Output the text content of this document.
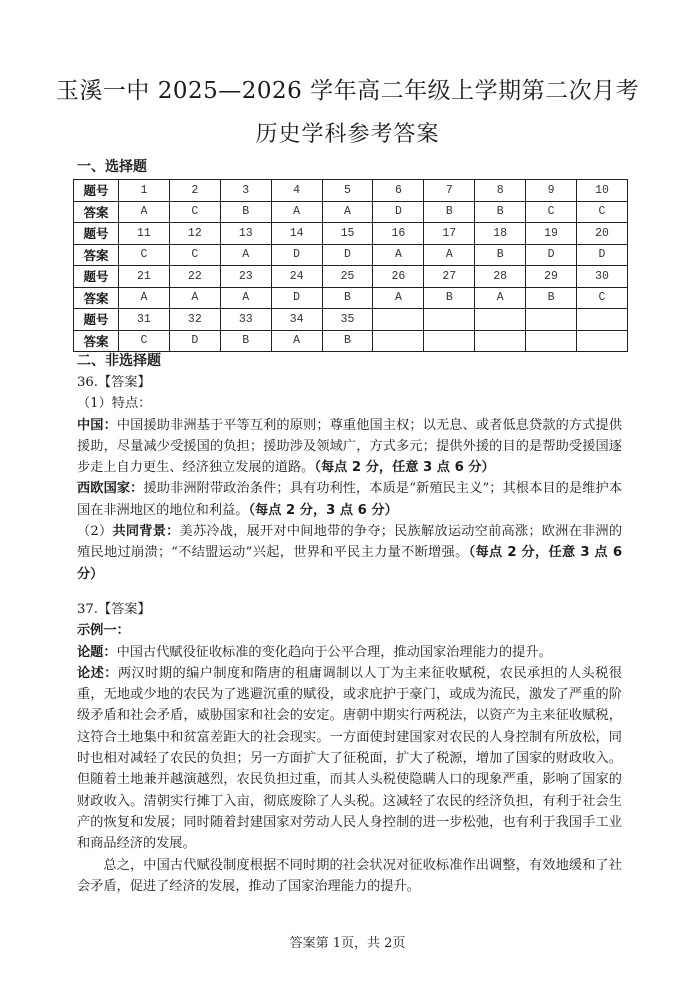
玉溪一中 2025—2026 学年高二年级上学期第二次月考
历史学科参考答案
一、选择题
题号	1	2	3	4	5	6	7	8	9	10
答案	A	C	B	A	A	D	B	B	C	C
题号	11	12	13	14	15	16	17	18	19	20
答案	C	C	A	D	D	A	A	B	D	D
题号	21	22	23	24	25	26	27	28	29	30
答案	A	A	A	D	B	A	B	A	B	C
题号	31	32	33	34	35					
答案	C	D	B	A	B					
二、非选择题

36.【答案】

（1）特点：

中国：中国援助非洲基于平等互利的原则；尊重他国主权；以无息、或者低息贷款的方式提供援助，尽量减少受援国的负担；援助涉及领域广，方式多元；提供外援的目的是帮助受援国逐步走上自力更生、经济独立发展的道路。（每点 2 分，任意 3 点 6 分）

西欧国家：援助非洲附带政治条件；具有功利性，本质是“新殖民主义”；其根本目的是维护本国在非洲地区的地位和利益。（每点 2 分，3 点 6 分）

（2）共同背景：美苏冷战，展开对中间地带的争夺；民族解放运动空前高涨；欧洲在非洲的殖民地过崩溃；“不结盟运动”兴起，世界和平民主力量不断增强。（每点 2 分，任意 3 点 6 分）

37.【答案】

示例一：

论题：中国古代赋役征收标准的变化趋向于公平合理，推动国家治理能力的提升。

论述：两汉时期的编户制度和隋唐的租庸调制以人丁为主来征收赋税，农民承担的人头税很重，无地或少地的农民为了逃避沉重的赋役，或求庇护于豪门，或成为流民，激发了严重的阶级矛盾和社会矛盾，威胁国家和社会的安定。唐朝中期实行两税法，以资产为主来征收赋税，这符合土地集中和贫富差距大的社会现实。一方面使封建国家对农民的人身控制有所放松，同时也相对减轻了农民的负担；另一方面扩大了征税面，扩大了税源，增加了国家的财政收入。但随着土地兼并越演越烈，农民负担过重，而其人头税使隐瞒人口的现象严重，影响了国家的财政收入。清朝实行摊丁入亩，彻底废除了人头税。这减轻了农民的经济负担，有利于社会生产的恢复和发展；同时随着封建国家对劳动人民人身控制的进一步松弛，也有利于我国手工业和商品经济的发展。

总之，中国古代赋役制度根据不同时期的社会状况对征收标准作出调整，有效地缓和了社会矛盾，促进了经济的发展，推动了国家治理能力的提升。

答案第 1页，共 2页
